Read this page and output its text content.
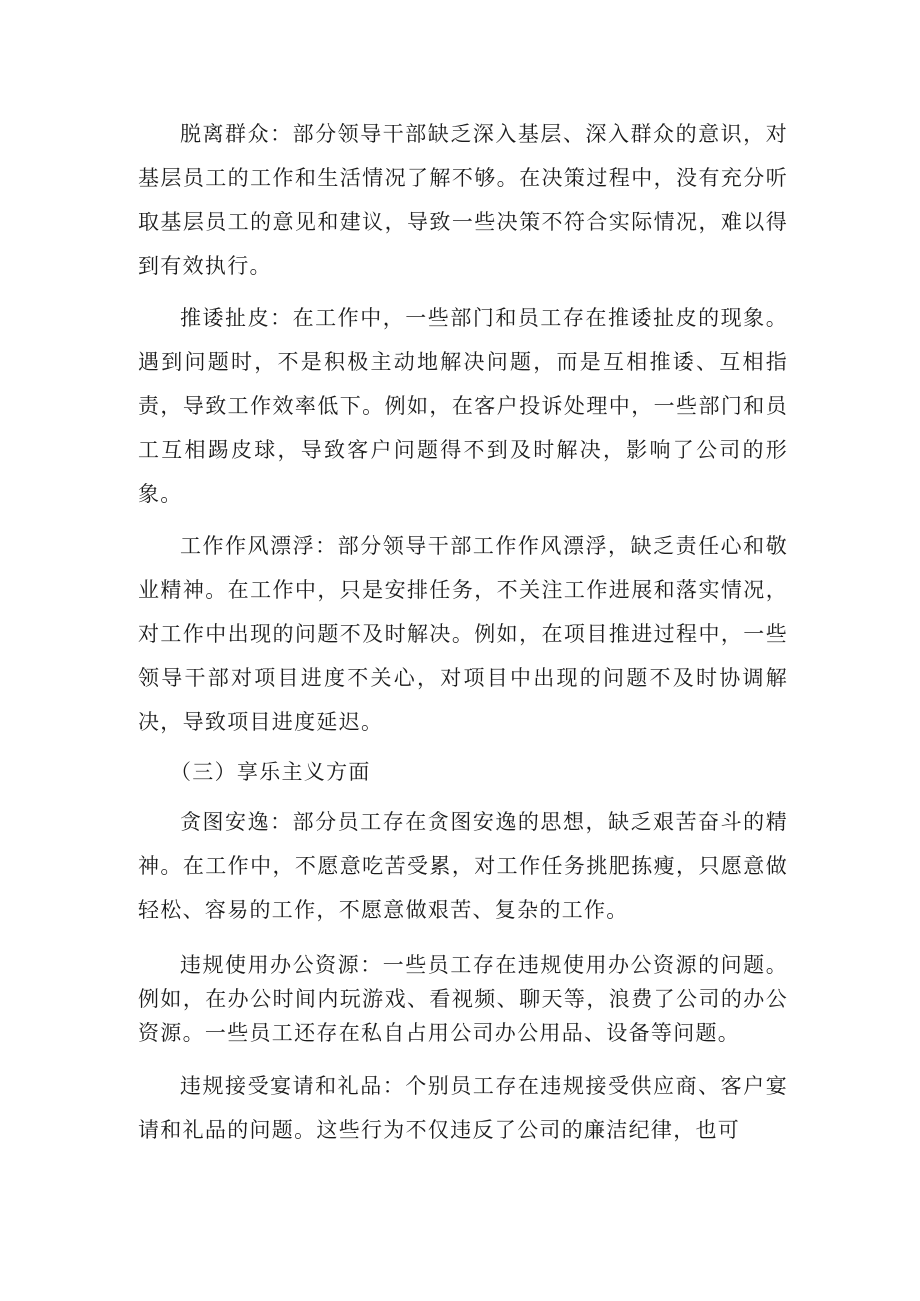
脱离群众：部分领导干部缺乏深入基层、深入群众的意识，对基层员工的工作和生活情况了解不够。在决策过程中，没有充分听取基层员工的意见和建议，导致一些决策不符合实际情况，难以得到有效执行。

推诿扯皮：在工作中，一些部门和员工存在推诿扯皮的现象。遇到问题时，不是积极主动地解决问题，而是互相推诿、互相指责，导致工作效率低下。例如，在客户投诉处理中，一些部门和员工互相踢皮球，导致客户问题得不到及时解决，影响了公司的形象。

工作作风漂浮：部分领导干部工作作风漂浮，缺乏责任心和敬业精神。在工作中，只是安排任务，不关注工作进展和落实情况，对工作中出现的问题不及时解决。例如，在项目推进过程中，一些领导干部对项目进度不关心，对项目中出现的问题不及时协调解决，导致项目进度延迟。

（三）享乐主义方面

贪图安逸：部分员工存在贪图安逸的思想，缺乏艰苦奋斗的精神。在工作中，不愿意吃苦受累，对工作任务挑肥拣瘦，只愿意做轻松、容易的工作，不愿意做艰苦、复杂的工作。

违规使用办公资源：一些员工存在违规使用办公资源的问题。例如，在办公时间内玩游戏、看视频、聊天等，浪费了公司的办公资源。一些员工还存在私自占用公司办公用品、设备等问题。

违规接受宴请和礼品：个别员工存在违规接受供应商、客户宴请和礼品的问题。这些行为不仅违反了公司的廉洁纪律，也可
